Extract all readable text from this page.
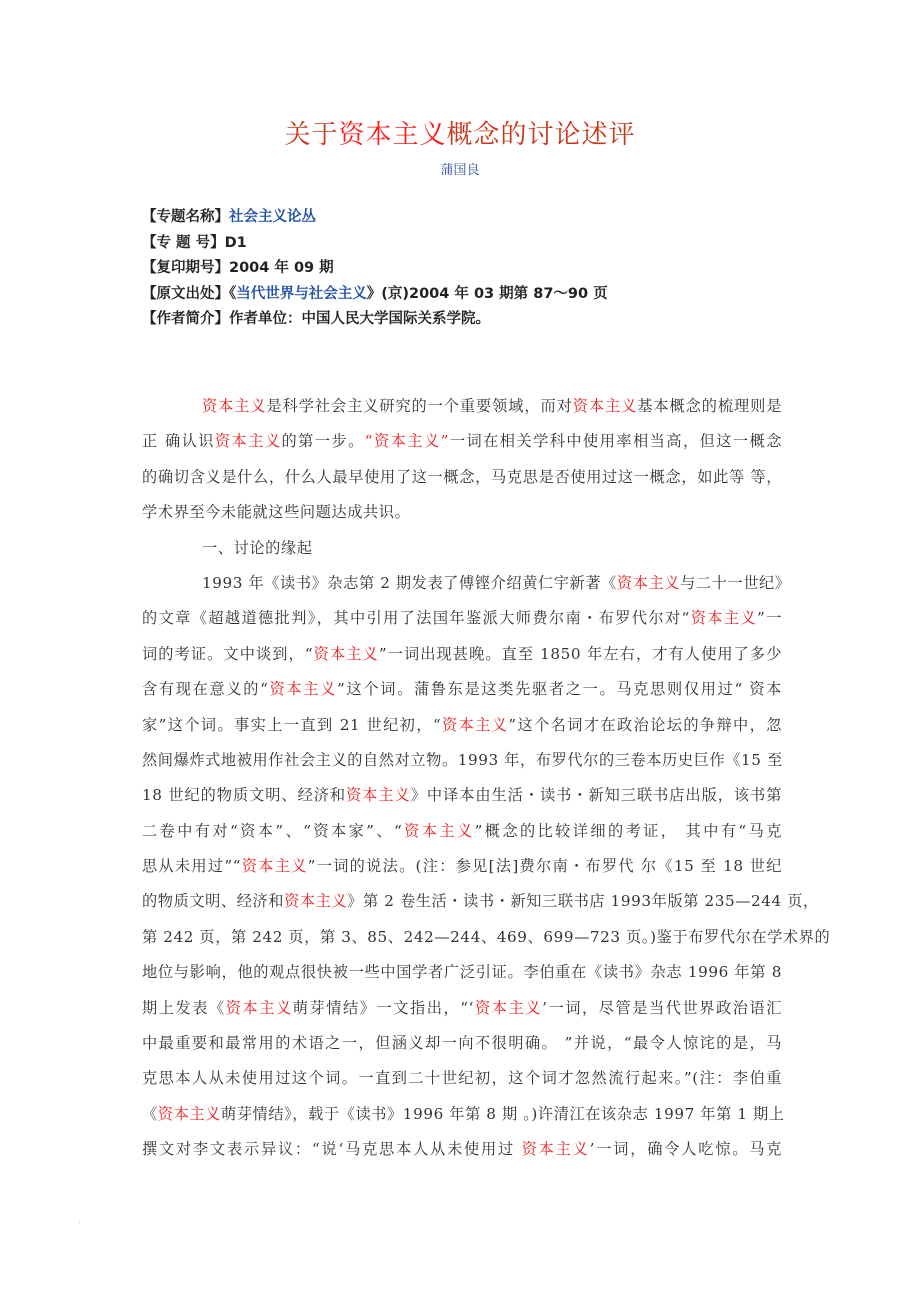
关于资本主义概念的讨论述评
蒲国良
【专题名称】社会主义论丛
【专 题 号】D1
【复印期号】2004 年 09 期
【原文出处】《当代世界与社会主义》(京)2004 年 03 期第 87～90 页
【作者简介】作者单位：中国人民大学国际关系学院。
资本主义是科学社会主义研究的一个重要领域，而对资本主义基本概念的梳理则是
正 确认识资本主义的第一步。“资本主义”一词在相关学科中使用率相当高，但这一概念
的确切含义是什么，什么人最早使用了这一概念，马克思是否使用过这一概念，如此等 等，
学术界至今未能就这些问题达成共识。
一、讨论的缘起
1993 年《读书》杂志第 2 期发表了傅铿介绍黄仁宇新著《资本主义与二十一世纪》
的文章《超越道德批判》，其中引用了法国年鉴派大师费尔南・布罗代尔对“资本主义”一
词的考证。文中谈到，“资本主义”一词出现甚晚。直至 1850 年左右，才有人使用了多少
含有现在意义的“资本主义”这个词。蒲鲁东是这类先驱者之一。马克思则仅用过“ 资本
家”这个词。事实上一直到 21 世纪初，“资本主义”这个名词才在政治论坛的争辩中，忽
然间爆炸式地被用作社会主义的自然对立物。1993 年，布罗代尔的三卷本历史巨作《15 至
18 世纪的物质文明、经济和资本主义》中译本由生活・读书・新知三联书店出版，该书第
二卷中有对“资本”、“资本家”、“资本主义”概念的比较详细的考证， 其中有“马克
思从未用过”“资本主义”一词的说法。(注：参见[法]费尔南・布罗代 尔《15 至 18 世纪
的物质文明、经济和资本主义》第 2 卷生活・读书・新知三联书店 1993年版第 235—244 页，
第 242 页，第 242 页，第 3、85、242—244、469、699—723 页。)鉴于布罗代尔在学术界的
地位与影响，他的观点很快被一些中国学者广泛引证。李伯重在《读书》杂志 1996 年第 8
期上发表《资本主义萌芽情结》一文指出，“‘资本主义’一词，尽管是当代世界政治语汇
中最重要和最常用的术语之一，但涵义却一向不很明确。 ”并说，“最令人惊诧的是，马
克思本人从未使用过这个词。一直到二十世纪初，这个词才忽然流行起来。”(注：李伯重
《资本主义萌芽情结》，载于《读书》1996 年第 8 期 。)许清江在该杂志 1997 年第 1 期上
撰文对李文表示异议：“说‘马克思本人从未使用过 资本主义’一词，确令人吃惊。马克
